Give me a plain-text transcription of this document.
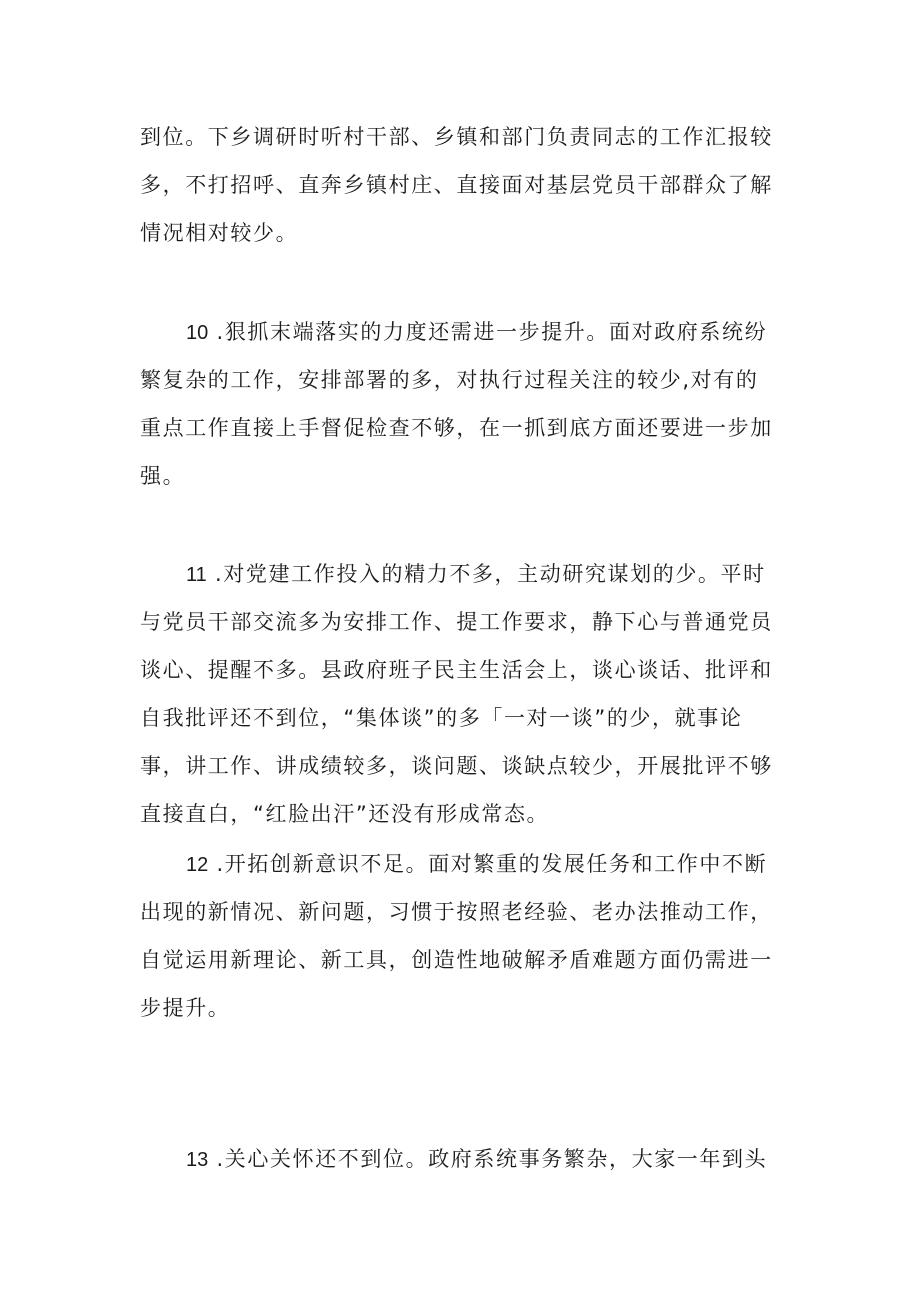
到位。下乡调研时听村干部、乡镇和部门负责同志的工作汇报较
多，不打招呼、直奔乡镇村庄、直接面对基层党员干部群众了解
情况相对较少。
10 .狠抓末端落实的力度还需进一步提升。面对政府系统纷
繁复杂的工作，安排部署的多，对执行过程关注的较少,对有的
重点工作直接上手督促检查不够，在一抓到底方面还要进一步加
强。
11 .对党建工作投入的精力不多，主动研究谋划的少。平时
与党员干部交流多为安排工作、提工作要求，静下心与普通党员
谈心、提醒不多。县政府班子民主生活会上，谈心谈话、批评和
自我批评还不到位，“集体谈”的多「一对一谈”的少，就事论
事，讲工作、讲成绩较多，谈问题、谈缺点较少，开展批评不够
直接直白，“红脸出汗”还没有形成常态。
12 .开拓创新意识不足。面对繁重的发展任务和工作中不断
出现的新情况、新问题，习惯于按照老经验、老办法推动工作，
自觉运用新理论、新工具，创造性地破解矛盾难题方面仍需进一
步提升。
13 .关心关怀还不到位。政府系统事务繁杂，大家一年到头
